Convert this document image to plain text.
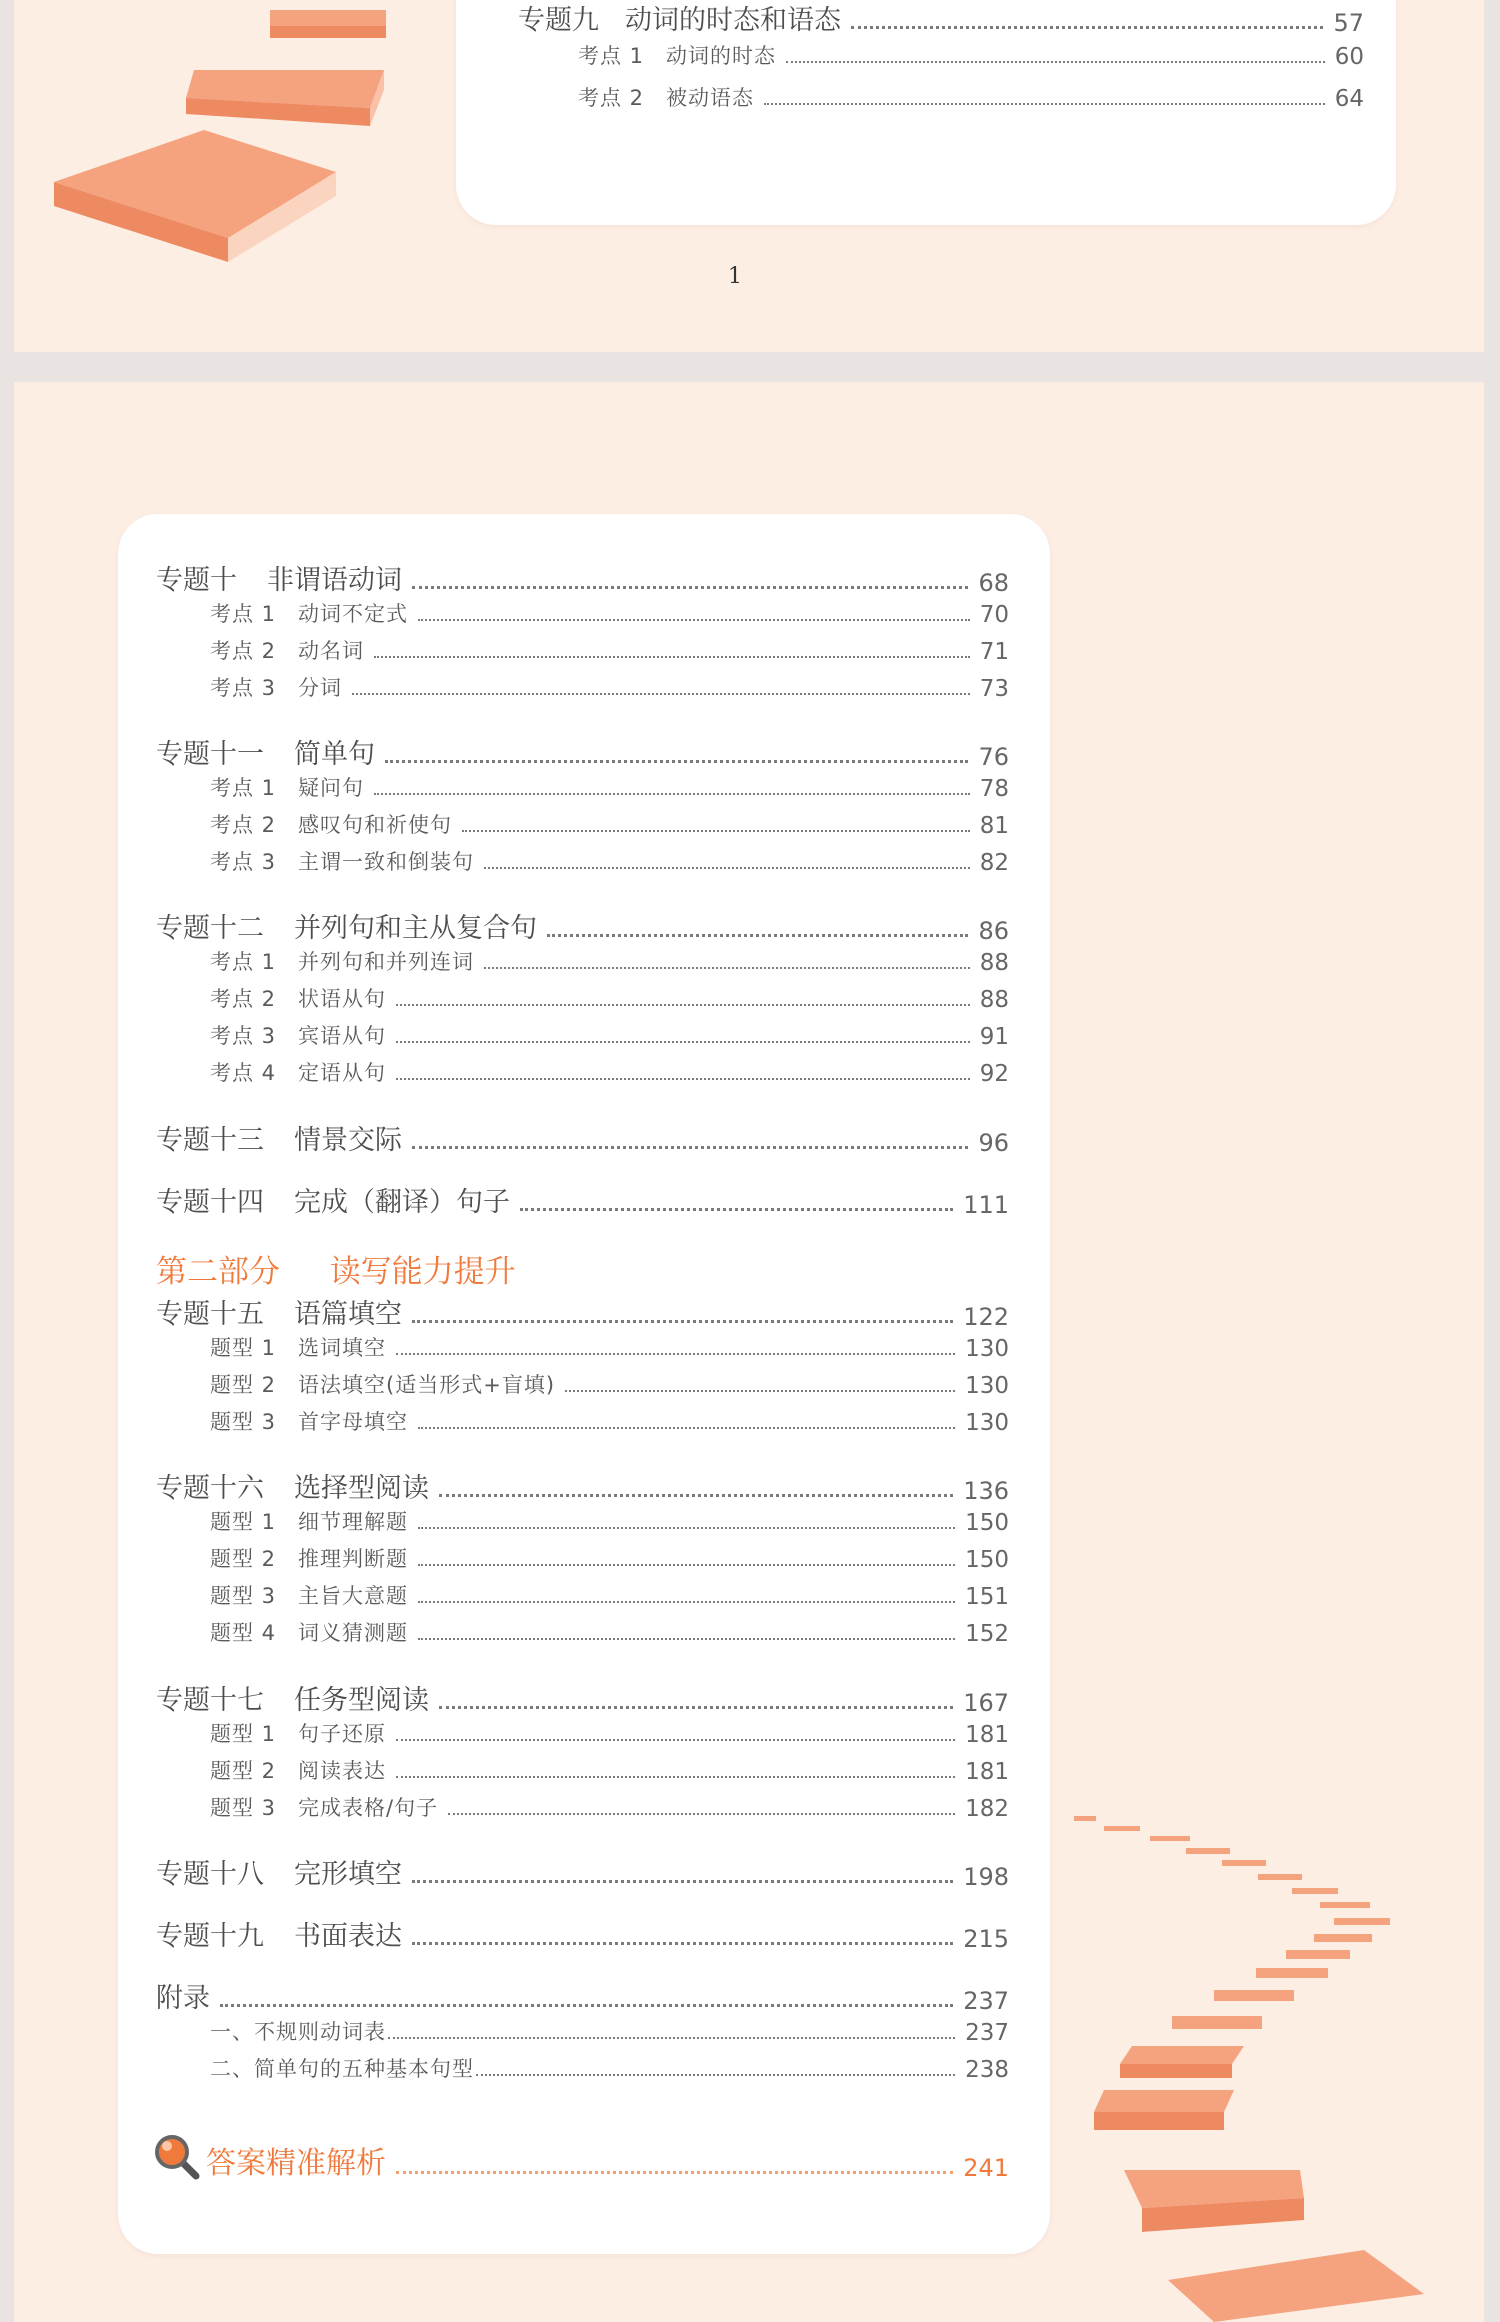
专题九 动词的时态和语态	57
考点 1 动词的时态	60
考点 2 被动语态	64
1
专题十 非谓语动词	68
考点 1 动词不定式	70
考点 2 动名词	71
考点 3 分词	73
专题十一 简单句	76
考点 1 疑问句	78
考点 2 感叹句和祈使句	81
考点 3 主谓一致和倒装句	82
专题十二 并列句和主从复合句	86
考点 1 并列句和并列连词	88
考点 2 状语从句	88
考点 3 宾语从句	91
考点 4 定语从句	92
专题十三 情景交际	96
专题十四 完成（翻译）句子	111
第二部分 读写能力提升
专题十五 语篇填空	122
题型 1 选词填空	130
题型 2 语法填空(适当形式+盲填)	130
题型 3 首字母填空	130
专题十六 选择型阅读	136
题型 1 细节理解题	150
题型 2 推理判断题	150
题型 3 主旨大意题	151
题型 4 词义猜测题	152
专题十七 任务型阅读	167
题型 1 句子还原	181
题型 2 阅读表达	181
题型 3 完成表格/句子	182
专题十八 完形填空	198
专题十九 书面表达	215
附录	237
一、不规则动词表	237
二、简单句的五种基本句型	238
答案精准解析	241
